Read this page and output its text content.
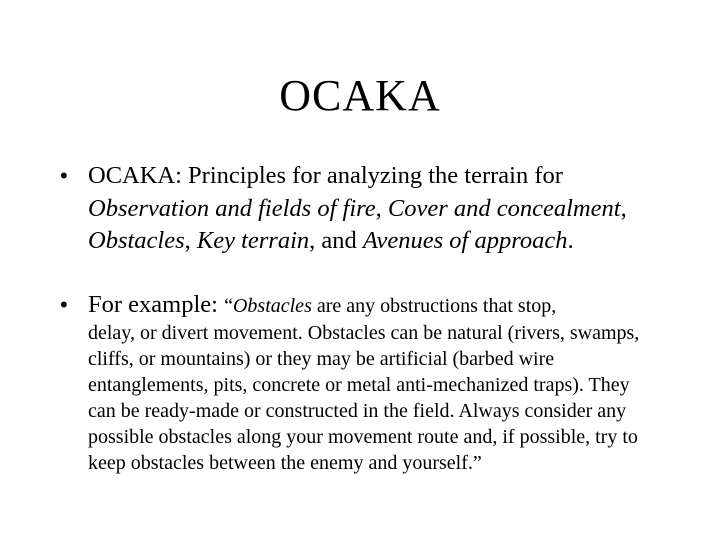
OCAKA
• OCAKA: Principles for analyzing the terrain for Observation and fields of fire, Cover and concealment, Obstacles, Key terrain, and Avenues of approach.
• For example: “Obstacles are any obstructions that stop,
delay, or divert movement. Obstacles can be natural (rivers, swamps, cliffs, or mountains) or they may be artificial (barbed wire entanglements, pits, concrete or metal anti-mechanized traps). They can be ready-made or constructed in the field. Always consider any possible obstacles along your movement route and, if possible, try to keep obstacles between the enemy and yourself.”
